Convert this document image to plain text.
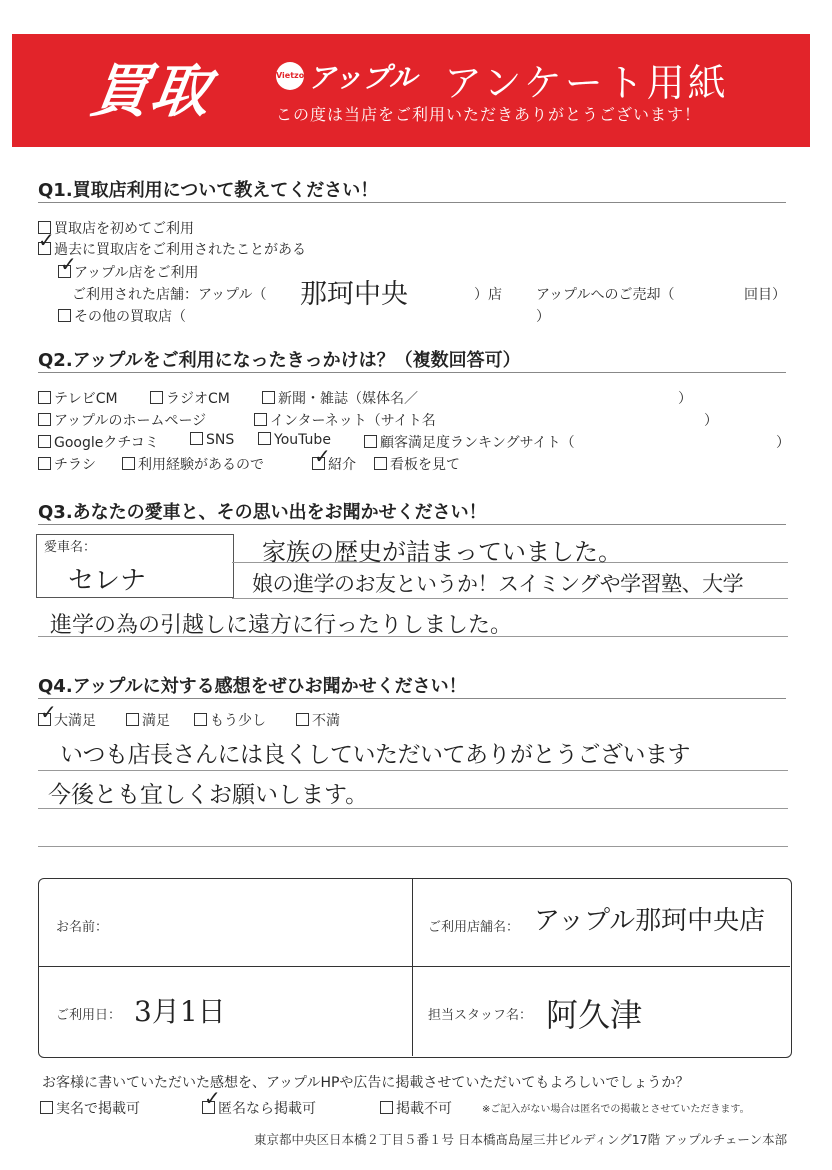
買取	Vietzo アップル アンケート用紙
この度は当店をご利用いただきありがとうございます！
Q1.買取店利用について教えてください！
買取店を初めてご利用
過去に買取店をご利用されたことがある
✓
アップル店をご利用
✓
ご利用された店舗：アップル（ 那珂中央	）店 アップルへのご売却（	回目）
その他の買取店（	）
Q2.アップルをご利用になったきっかけは？（複数回答可）
テレビCM	ラジオCM	新聞・雑誌（媒体名／	）
アップルのホームページ	インターネット（サイト名	）
Googleクチコミ	SNS	YouTube	顧客満足度ランキングサイト（	）
チラシ	利用経験があるので	紹介
✓	看板を見て
Q3.あなたの愛車と、その思い出をお聞かせください！
愛車名：
セレナ
家族の歴史が詰まっていました。
娘の進学のお友というか！スイミングや学習塾、大学
進学の為の引越しに遠方に行ったりしました。
Q4.アップルに対する感想をぜひお聞かせください！
大満足
✓	満足	もう少し	不満
いつも店長さんには良くしていただいてありがとうございます
今後とも宜しくお願いします。
お名前：	ご利用店舗名： アップル那珂中央店
ご利用日： 3月1日	担当スタッフ名： 阿久津
お客様に書いていただいた感想を、アップルHPや広告に掲載させていただいてもよろしいでしょうか？
実名で掲載可	匿名なら掲載可
✓	掲載不可	※ご記入がない場合は匿名での掲載とさせていただきます。
東京都中央区日本橋２丁目５番１号 日本橋髙島屋三井ビルディング17階 アップルチェーン本部
